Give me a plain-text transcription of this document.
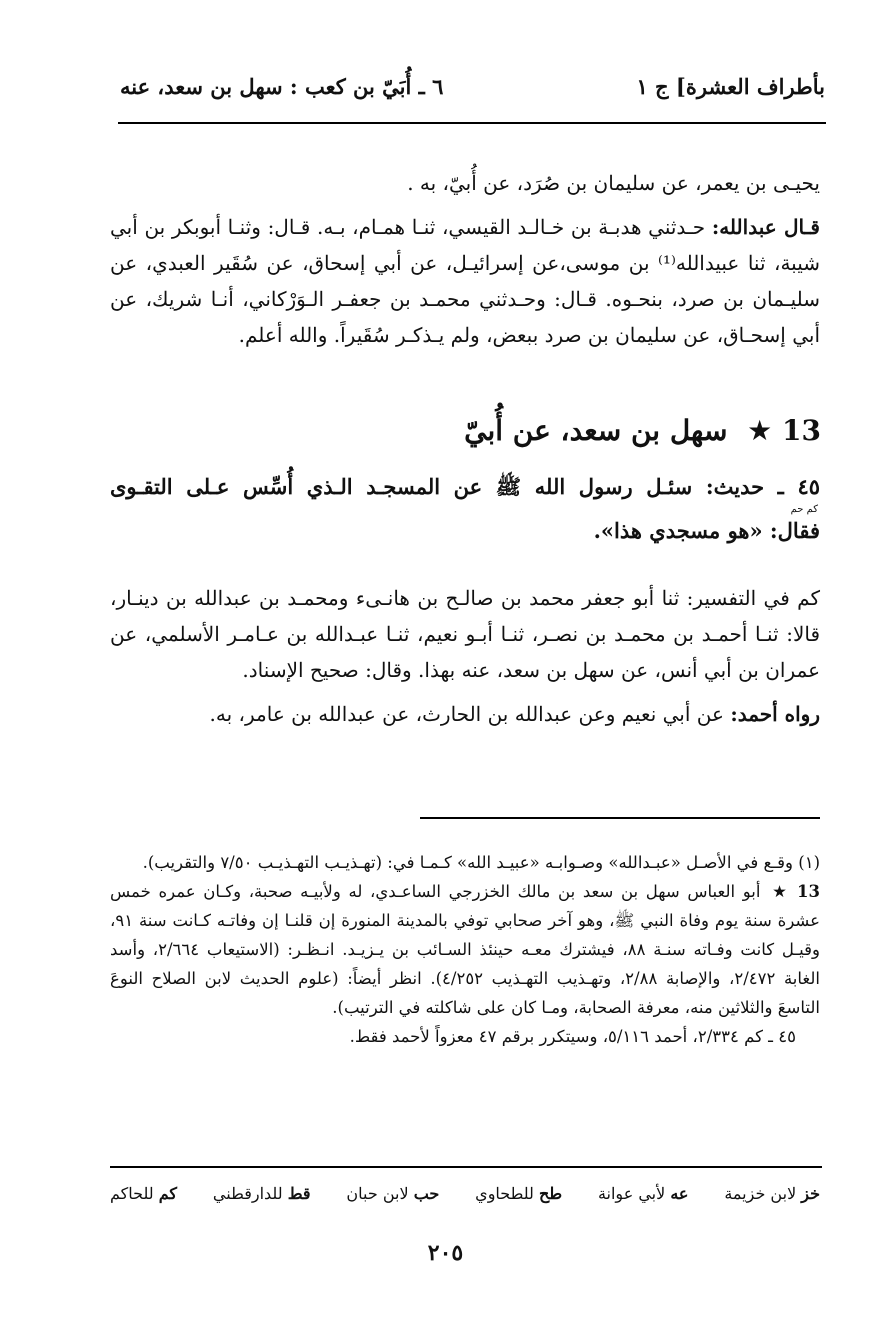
بأطراف العشرة] ج ١
٦ ـ أُبَيّ بن كعب : سهل بن سعد، عنه

يحيـى بن يعمر، عن سليمان بن صُرَد، عن أُبيّ، به .

قـال عبدالله: حـدثني هدبـة بن خـالـد القيسي، ثنـا همـام، بـه. قـال: وثنـا أبوبكر بن أبي شيبة، ثنا عبيدالله⁽¹⁾ بن موسى،عن إسرائيـل، عن أبي إسحاق، عن سُقَير العبدي، عن سليـمان بن صرد، بنحـوه. قـال: وحـدثني محمـد بن جعفـر الـوَرْكاني، أنـا شريك، عن أبي إسحـاق، عن سليمان بن صرد ببعض، ولم يـذكـر سُقَيراً. والله أعلم.

13 ★ سهل بن سعد، عن أُبيّ
٤٥ ـ حديث: سئـل رسول الله ﷺ عن المسجـد الـذي أُسِّس عـلى التقـوى
كم حم
فقال: «هو مسجدي هذا».

كم في التفسير: ثنا أبو جعفر محمد بن صالـح بن هانـىء ومحمـد بن عبدالله بن دينـار، قالا: ثنـا أحمـد بن محمـد بن نصـر، ثنـا أبـو نعيم، ثنـا عبـدالله بن عـامـر الأسلمي، عن عمران بن أبي أنس، عن سهل بن سعد، عنه بهذا. وقال: صحيح الإسناد.

رواه أحمد: عن أبي نعيم وعن عبدالله بن الحارث، عن عبدالله بن عامر، به.

(١) وقـع في الأصـل «عبـدالله» وصـوابـه «عبيـد الله» كـمـا في: (تهـذيـب التهـذيـب ٧/٥٠ والتقريب).

13 ★ أبو العباس سهل بن سعد بن مالك الخزرجي الساعـدي، له ولأبيـه صحبة، وكـان عمره خمس عشرة سنة يوم وفاة النبي ﷺ، وهو آخر صحابي توفي بالمدينة المنورة إن قلنـا إن وفاتـه كـانت سنة ٩١، وقيـل كانت وفـاته سنـة ٨٨، فيشترك معـه حينئذ السـائب بن يـزيـد. انـظـر: (الاستيعاب ٢/٦٦٤، وأسد الغابة ٢/٤٧٢، والإصابة ٢/٨٨، وتهـذيب التهـذيب ٤/٢٥٢). انظر أيضاً: (علوم الحديث لابن الصلاح النوعَ التاسعَ والثلاثين منه، معرفة الصحابة، ومـا كان على شاكلته في الترتيب).

٤٥ ـ كم ٢/٣٣٤، أحمد ٥/١١٦، وسيتكرر برقم ٤٧ معزواً لأحمد فقط.

خز لابن خزيمة
عه لأبي عوانة
طح للطحاوي
حب لابن حبان
قط للدارقطني
كم للحاكم
٢٠٥
